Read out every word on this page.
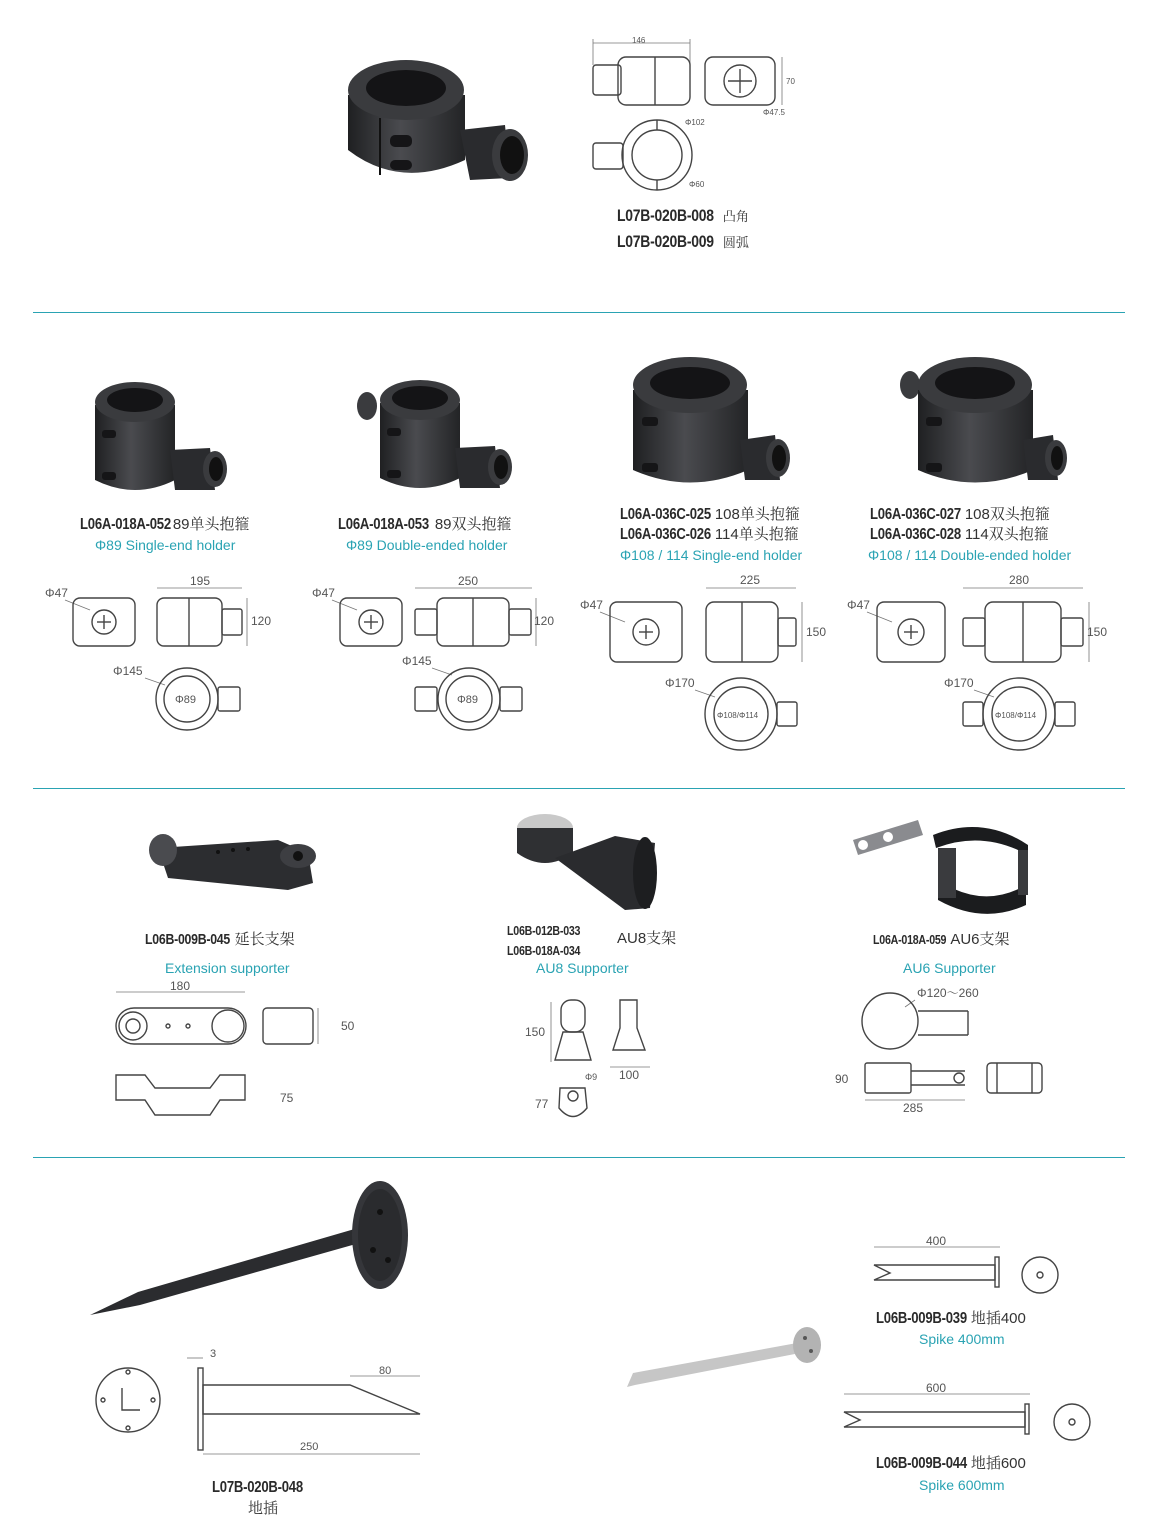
146
70
Φ47.5
Φ102
Φ60
L07B-020B-008 凸角
L07B-020B-009 圆弧
L06A-018A-052 89单头抱箍
Φ89 Single-end holder
L06A-018A-053 89双头抱箍
Φ89 Double-ended holder
L06A-036C-025 108单头抱箍
L06A-036C-026 114单头抱箍
Φ108 / 114 Single-end holder
L06A-036C-027 108双头抱箍
L06A-036C-028 114双头抱箍
Φ108 / 114 Double-ended holder
Φ47
195
120
Φ145
Φ89
Φ47
250
120
Φ145
Φ89
Φ47
225
150
Φ170
Φ108/Φ114
Φ47
280
150
Φ170
Φ108/Φ114
L06B-009B-045 延长支架
Extension supporter
L06B-012B-033
L06B-018A-034
AU8支架
AU8 Supporter
L06A-018A-059 AU6支架
AU6 Supporter
180
50
75
150
100
Φ9
77
Φ120～260
90
285
3
80
250
L07B-020B-048
地插
400
L06B-009B-039 地插400
Spike 400mm
600
L06B-009B-044 地插600
Spike 600mm
